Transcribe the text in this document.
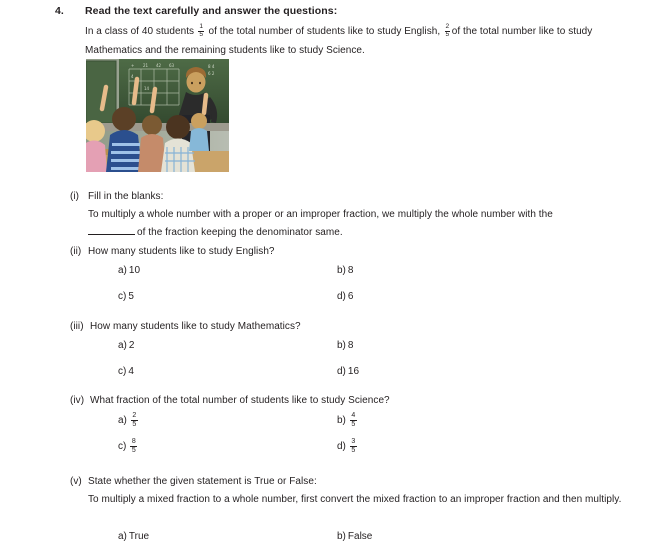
4.	Read the text carefully and answer the questions:

In a class of 40 students $\frac{1}{5}$ of the total number of students like to study English, $\frac{2}{5}$ of the total number like to study Mathematics and the remaining students like to study Science.

+ 21 42 63
4
14
8 4
6 2
(i) Fill in the blanks:

To multiply a whole number with a proper or an improper fraction, we multiply the whole number with the

of the fraction keeping the denominator same.

(ii) How many students like to study English?
a) 10	b) 8
c) 5	d) 6
(iii) How many students like to study Mathematics?
a) 2	b) 8
c) 4	d) 16
(iv) What fraction of the total number of students like to study Science?
$a) \frac{2}{5}$	$b) \frac{4}{5}$
$c) \frac{8}{5}$	$d) \frac{3}{5}$
(v) State whether the given statement is True or False:

To multiply a mixed fraction to a whole number, first convert the mixed fraction to an improper fraction and then multiply.

a) True	b) False
